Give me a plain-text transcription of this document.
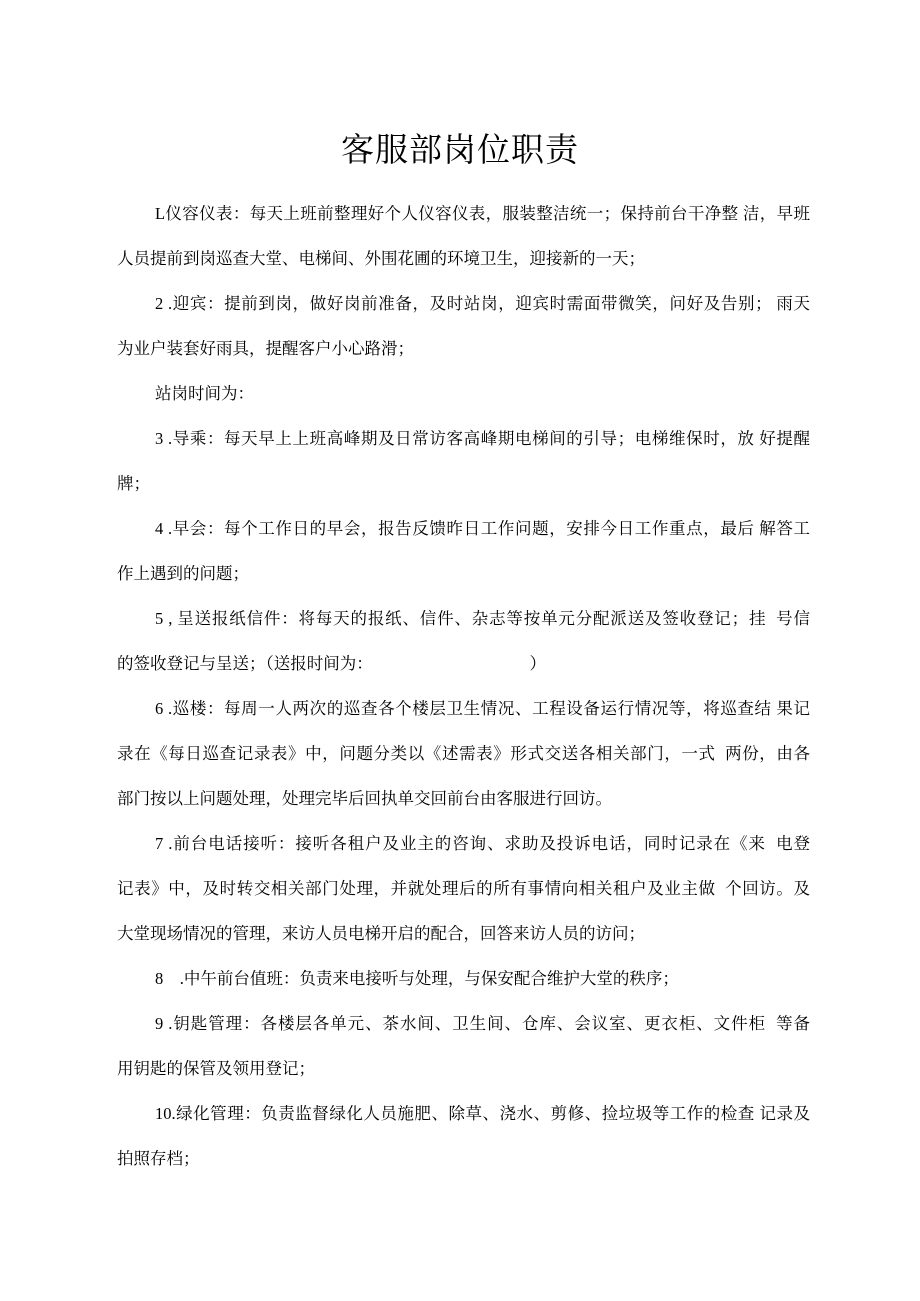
客服部岗位职责
L仪容仪表：每天上班前整理好个人仪容仪表，服装整洁统一；保持前台干净整 洁，早班
人员提前到岗巡查大堂、电梯间、外围花圃的环境卫生，迎接新的一天；
2 .迎宾：提前到岗，做好岗前准备，及时站岗，迎宾时需面带微笑，问好及告别； 雨天
为业户装套好雨具，提醒客户小心路滑；
站岗时间为：
3 .导乘：每天早上上班高峰期及日常访客高峰期电梯间的引导；电梯维保时，放 好提醒
牌；
4 .早会：每个工作日的早会，报告反馈昨日工作问题，安排今日工作重点，最后 解答工
作上遇到的问题；
5 , 呈送报纸信件：将每天的报纸、信件、杂志等按单元分配派送及签收登记；挂  号信
的签收登记与呈送；（送报时间为：　　　　　　　　　　）
6 .巡楼：每周一人两次的巡查各个楼层卫生情况、工程设备运行情况等，将巡查结 果记
录在《每日巡查记录表》中，问题分类以《述需表》形式交送各相关部门，一式  两份，由各
部门按以上问题处理，处理完毕后回执单交回前台由客服进行回访。
7 .前台电话接听：接听各租户及业主的咨询、求助及投诉电话，同时记录在《来  电登
记表》中，及时转交相关部门处理，并就处理后的所有事情向相关租户及业主做  个回访。及
大堂现场情况的管理，来访人员电梯开启的配合，回答来访人员的访问；
8    .中午前台值班：负责来电接听与处理，与保安配合维护大堂的秩序；
9 .钥匙管理：各楼层各单元、茶水间、卫生间、仓库、会议室、更衣柜、文件柜  等备
用钥匙的保管及领用登记；
10.绿化管理：负责监督绿化人员施肥、除草、浇水、剪修、捡垃圾等工作的检查 记录及
拍照存档；
